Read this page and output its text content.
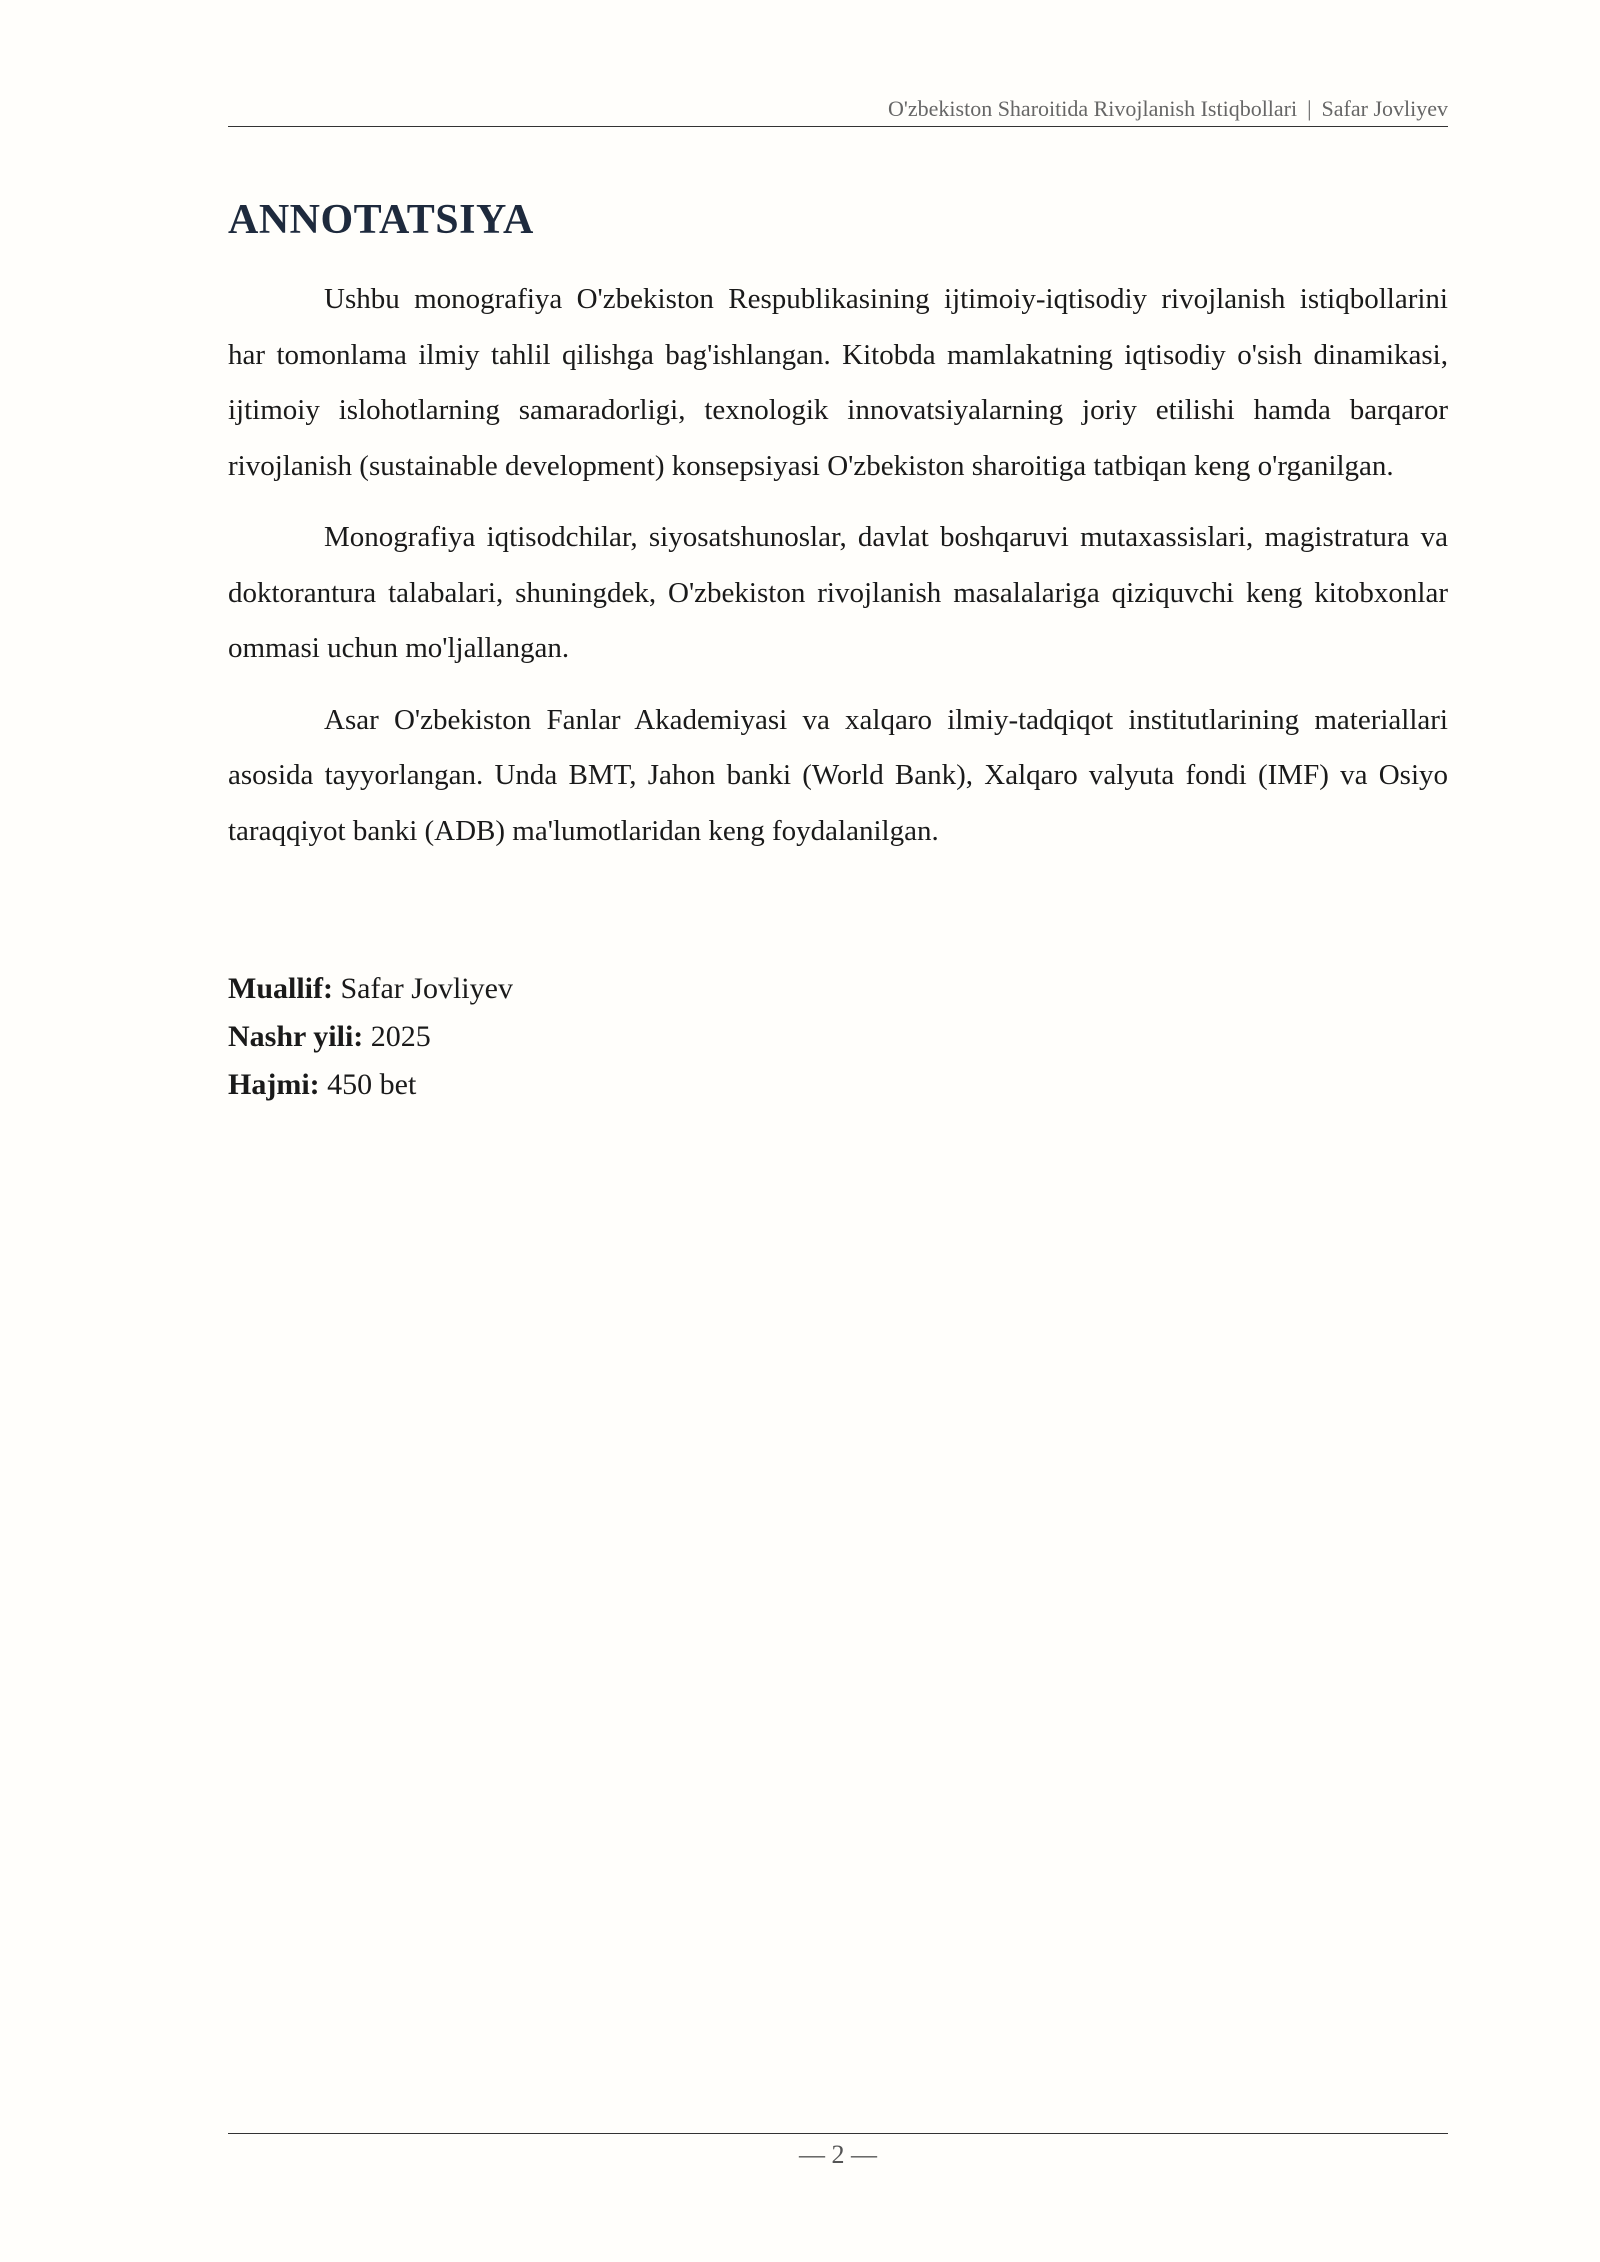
O'zbekiston Sharoitida Rivojlanish Istiqbollari | Safar Jovliyev
ANNOTATSIYA

Ushbu monografiya O'zbekiston Respublikasining ijtimoiy-iqtisodiy rivojlanish istiqbollarini har tomonlama ilmiy tahlil qilishga bag'ishlangan. Kitobda mamlakatning iqtisodiy o'sish dinamikasi, ijtimoiy islohotlarning samaradorligi, texnologik innovatsiyalarning joriy etilishi hamda barqaror rivojlanish (sustainable development) konsepsiyasi O'zbekiston sharoitiga tatbiqan keng o'rganilgan.

Monografiya iqtisodchilar, siyosatshunoslar, davlat boshqaruvi mutaxassislari, magistratura va doktorantura talabalari, shuningdek, O'zbekiston rivojlanish masalalariga qiziquvchi keng kitobxonlar ommasi uchun mo'ljallangan.

Asar O'zbekiston Fanlar Akademiyasi va xalqaro ilmiy-tadqiqot institutlarining materiallari asosida tayyorlangan. Unda BMT, Jahon banki (World Bank), Xalqaro valyuta fondi (IMF) va Osiyo taraqqiyot banki (ADB) ma'lumotlaridan keng foydalanilgan.

Muallif: Safar Jovliyev
Nashr yili: 2025
Hajmi: 450 bet
— 2 —
